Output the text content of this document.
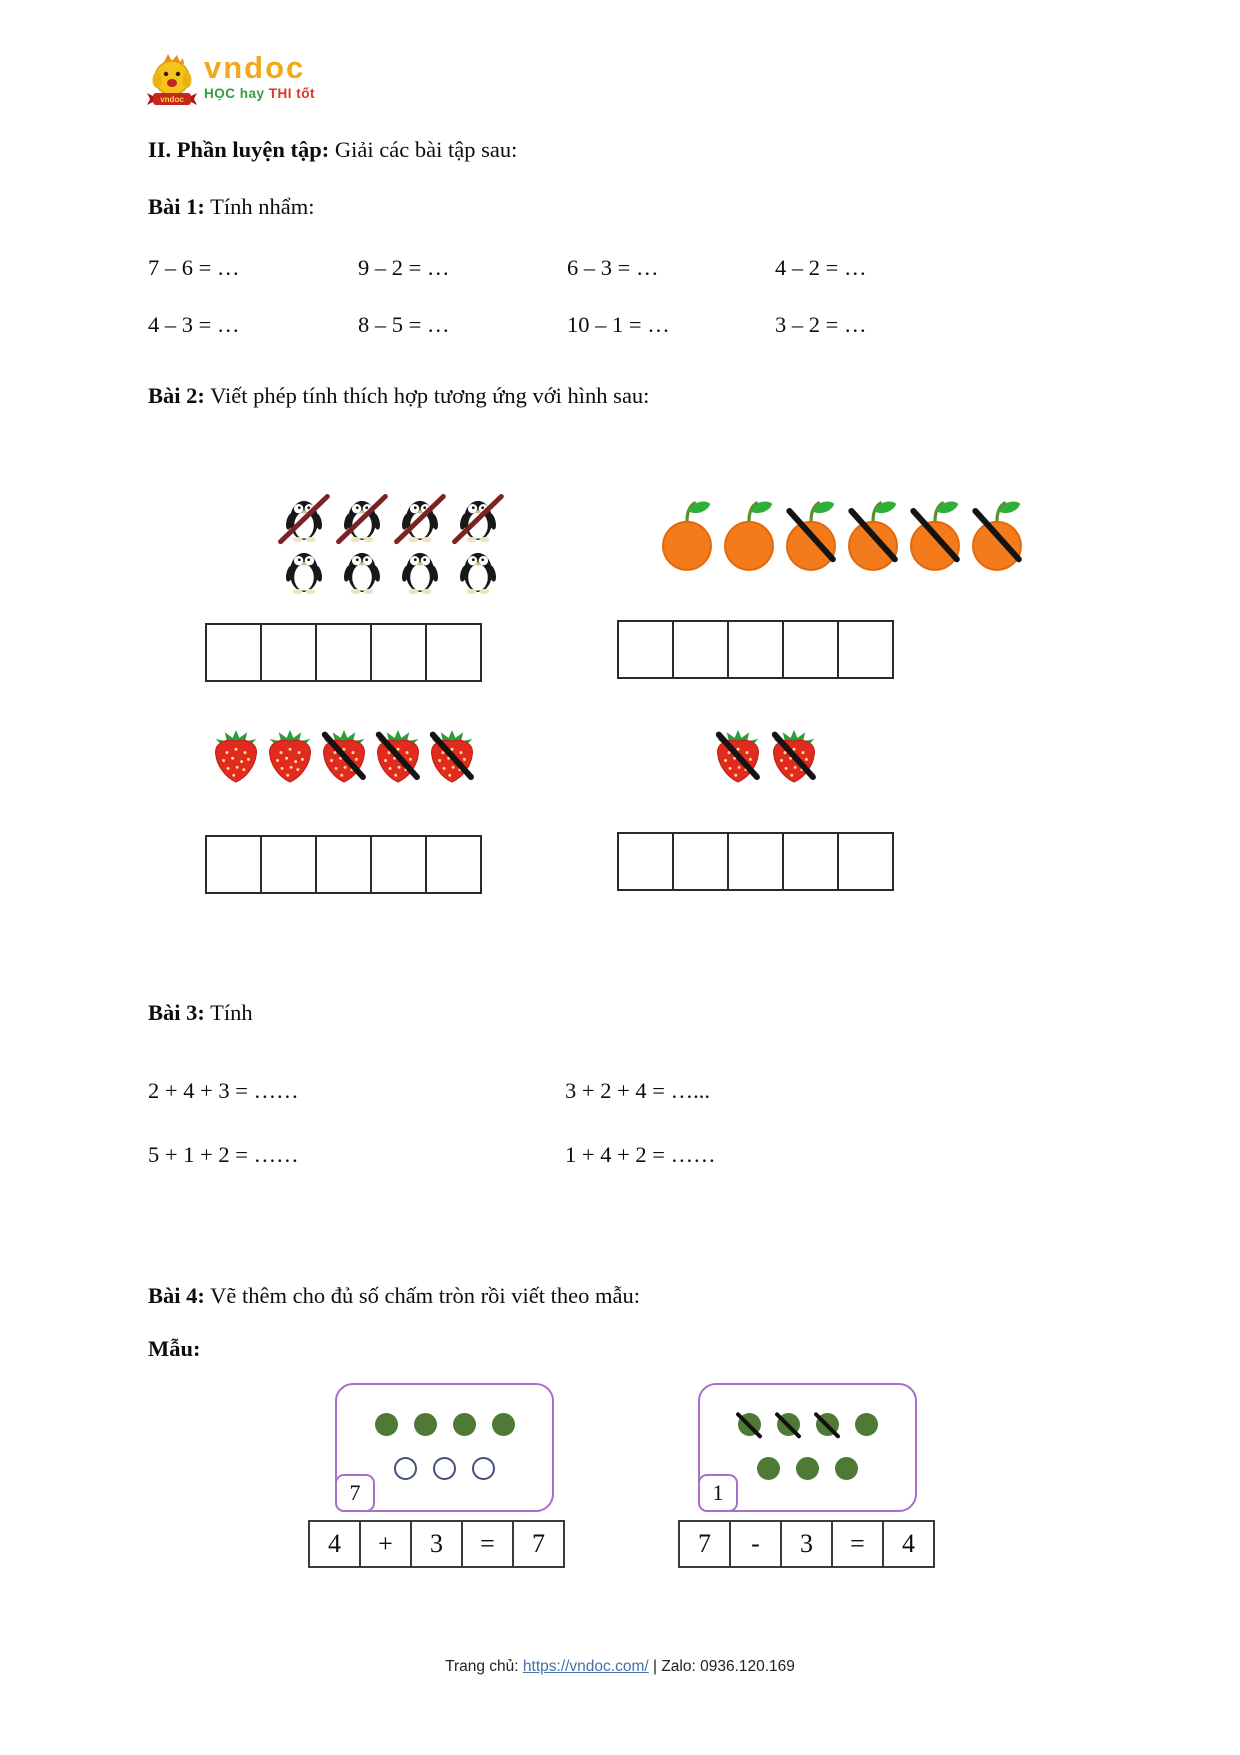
vndoc
vndoc
HỌC hay THI tốt
II. Phần luyện tập: Giải các bài tập sau:
Bài 1: Tính nhẩm:
7 – 6 = …	9 – 2 = …	6 – 3 = …	4 – 2 = …
4 – 3 = …	8 – 5 = …	10 – 1 = …	3 – 2 = …
Bài 2: Viết phép tính thích hợp tương ứng với hình sau:
Bài 3: Tính
2 + 4 + 3 = ……	3 + 2 + 4 = …...
5 + 1 + 2 = ……	1 + 4 + 2 = ……
Bài 4: Vẽ thêm cho đủ số chấm tròn rồi viết theo mẫu:
Mẫu:
7
4	+	3	=	7
1
7	-	3	=	4
Trang chủ: https://vndoc.com/ | Zalo: 0936.120.169
